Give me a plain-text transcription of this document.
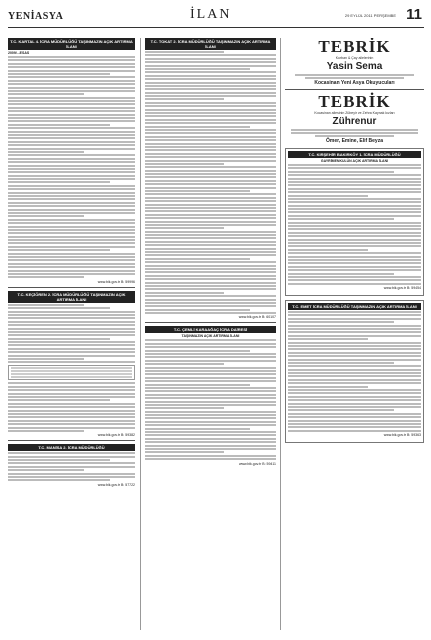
YENİASYA	İLAN	29 EYLÜL 2011 PERŞEMBE 11
T.C. KARTAL 4. İCRA MÜDÜRLÜĞÜ TAŞINMAZIN AÇIK ARTIRMA İLANI
2009/...ESAS
www.bik.gov.tr B: 59996
T.C. KEÇİÖREN 2. İCRA MÜDÜRLÜĞÜ TAŞINMAZIN AÇIK ARTIRMA İLANI
www.bik.gov.tr B: 59382
T.C. MANİSA 2. İCRA MÜDÜRLÜĞÜ
www.bik.gov.tr B: 57722
T.C. TOKAT 2. İCRA MÜDÜRLÜĞÜ TAŞINMAZIN AÇIK ARTIRMA İLANI
www.bik.gov.tr B: 60107
T.C. ÇEMLİ KARAAĞAÇ İCRA DAİRESİ
TAŞINMAZIN AÇIK ARTIRMA İLANI
www.bik.gov.tr B: 59411
TEBRİK
Kurban & Çay ailelerinin
Yasin Sema
Kocasinan Yeni Asya Okuyucuları
TEBRİK
Kocasinan ailesinin Zübeyir ve Zehra Kaynak kızları
Zührenur
Ömer, Emine, Elif Beyza
T.C. KIRŞEHİR BAKIRKÖY 1. İCRA MÜDÜRLÜĞÜ
GAYRİMENKULÜN AÇIK ARTIRMA İLANI
www.bik.gov.tr B: 59454
T.C. EMET İCRA MÜDÜRLÜĞÜ TAŞINMAZIN AÇIK ARTIRMA İLANI
www.bik.gov.tr B: 59363
